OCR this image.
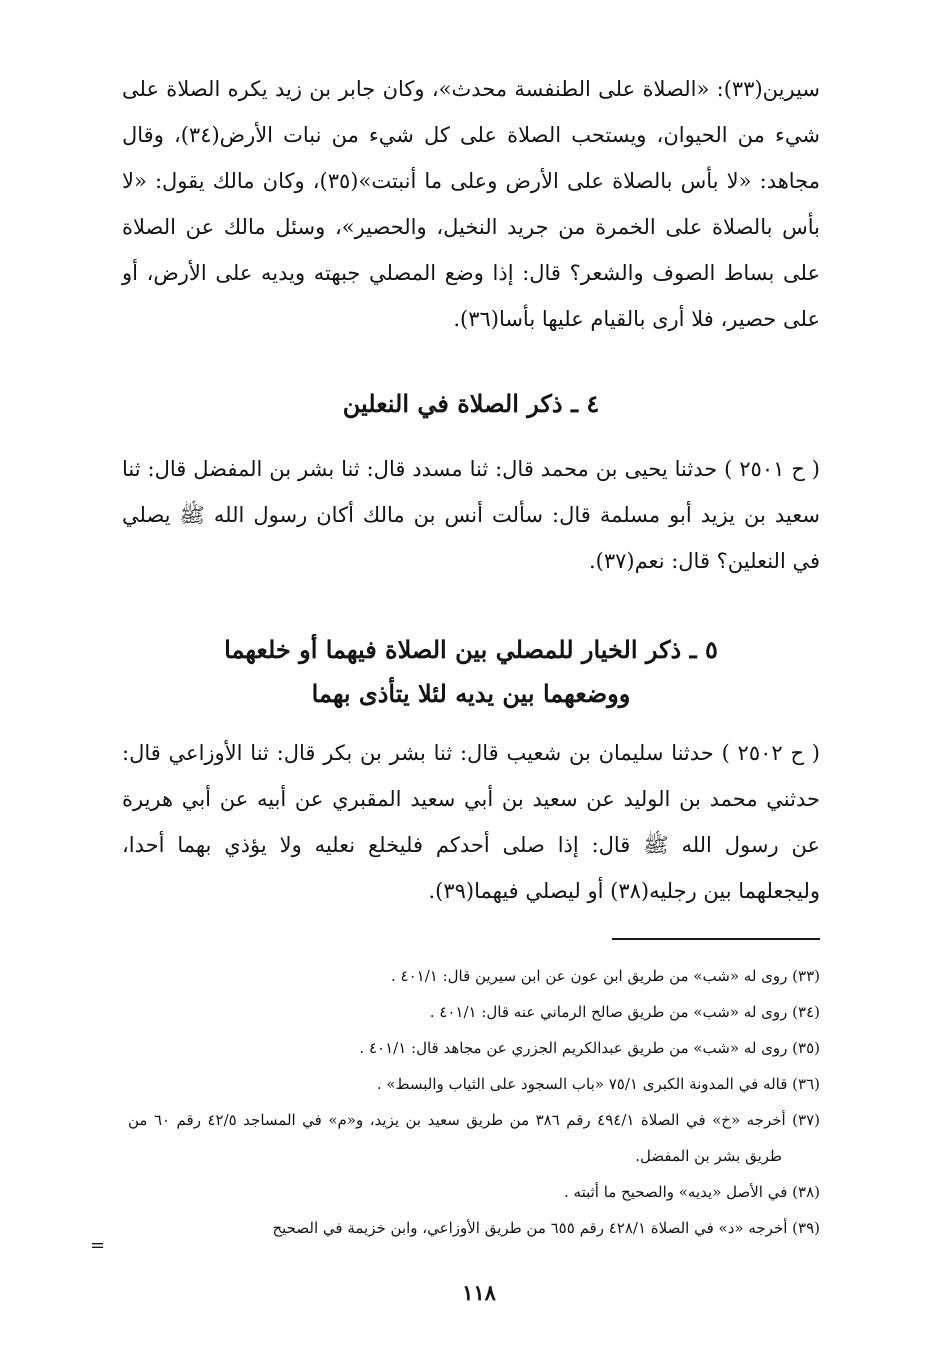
سيرين(٣٣): «الصلاة على الطنفسة محدث»، وكان جابر بن زيد يكره الصلاة على شيء من الحيوان، ويستحب الصلاة على كل شيء من نبات الأرض(٣٤)، وقال مجاهد: «لا بأس بالصلاة على الأرض وعلى ما أنبتت»(٣٥)، وكان مالك يقول: «لا بأس بالصلاة على الخمرة من جريد النخيل، والحصير»، وسئل مالك عن الصلاة على بساط الصوف والشعر؟ قال: إذا وضع المصلي جبهته ويديه على الأرض، أو على حصير، فلا أرى بالقيام عليها بأسا(٣٦).

٤ ـ ذكر الصلاة في النعلين

( ح ٢٥٠١ ) حدثنا يحيى بن محمد قال: ثنا مسدد قال: ثنا بشر بن المفضل قال: ثنا سعيد بن يزيد أبو مسلمة قال: سألت أنس بن مالك أكان رسول الله ﷺ يصلي في النعلين؟ قال: نعم(٣٧).

٥ ـ ذكر الخيار للمصلي بين الصلاة فيهما أو خلعهما
ووضعهما بين يديه لئلا يتأذى بهما

( ح ٢٥٠٢ ) حدثنا سليمان بن شعيب قال: ثنا بشر بن بكر قال: ثنا الأوزاعي قال: حدثني محمد بن الوليد عن سعيد بن أبي سعيد المقبري عن أبيه عن أبي هريرة عن رسول الله ﷺ قال: إذا صلى أحدكم فليخلع نعليه ولا يؤذي بهما أحدا، وليجعلهما بين رجليه(٣٨) أو ليصلي فيهما(٣٩).

(٣٣) روى له «شب» من طريق ابن عون عن ابن سيرين قال: ٤٠١/١ .
(٣٤) روى له «شب» من طريق صالح الرماني عنه قال: ٤٠١/١ .
(٣٥) روى له «شب» من طريق عبدالكريم الجزري عن مجاهد قال: ٤٠١/١ .
(٣٦) قاله في المدونة الكبرى ٧٥/١ «باب السجود على الثياب والبسط» .
(٣٧) أخرجه «خ» في الصلاة ٤٩٤/١ رقم ٣٨٦ من طريق سعيد بن يزيد، و«م» في المساجد ٤٢/٥ رقم ٦٠ من طريق بشر بن المفضل.
(٣٨) في الأصل «يديه» والصحيح ما أثبته .
(٣٩) أخرجه «د» في الصلاة ٤٢٨/١ رقم ٦٥٥ من طريق الأوزاعي، وابن خزيمة في الصحيح
=
١١٨
